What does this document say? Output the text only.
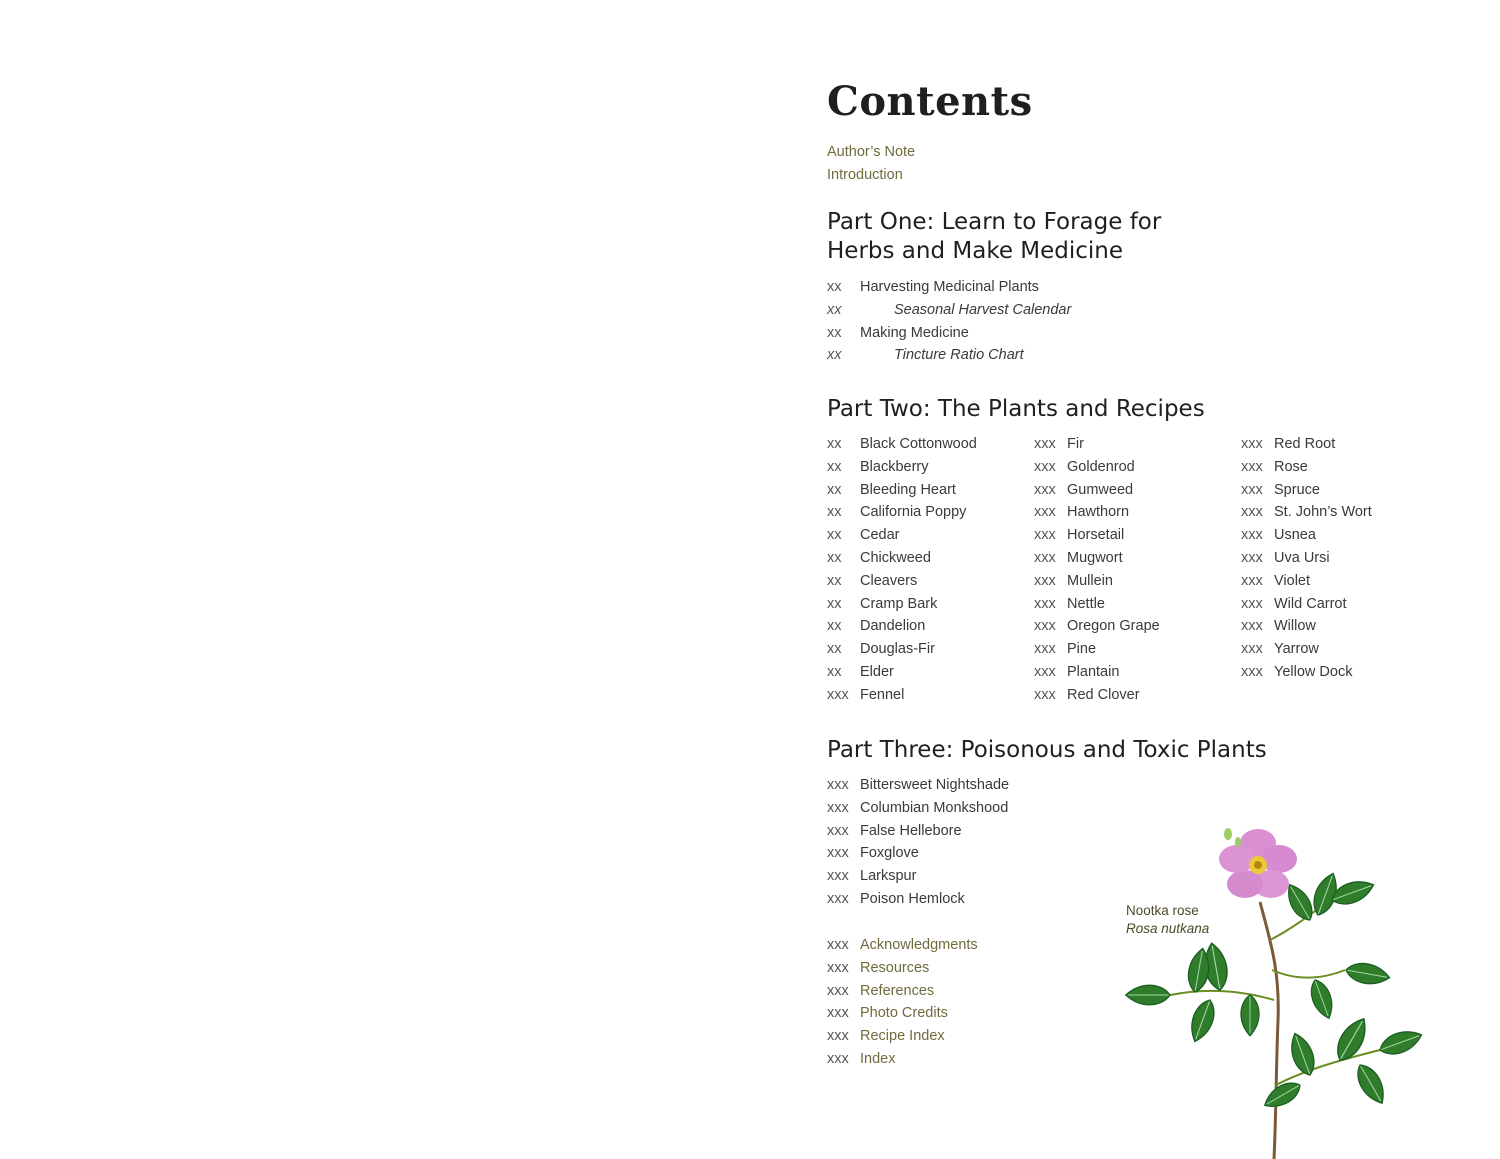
Contents
Author’s Note
Introduction
Part One: Learn to Forage for
Herbs and Make Medicine
xx Harvesting Medicinal Plants
xx	Seasonal Harvest Calendar
xx Making Medicine
xx	Tincture Ratio Chart
Part Two: The Plants and Recipes
xx Black Cottonwood
xx Blackberry
xx Bleeding Heart
xx California Poppy
xx Cedar
xx Chickweed
xx Cleavers
xx Cramp Bark
xx Dandelion
xx Douglas-Fir
xx Elder
xxx Fennel
xxx Fir
xxx Goldenrod
xxx Gumweed
xxx Hawthorn
xxx Horsetail
xxx Mugwort
xxx Mullein
xxx Nettle
xxx Oregon Grape
xxx Pine
xxx Plantain
xxx Red Clover
xxx Red Root
xxx Rose
xxx Spruce
xxx St. John’s Wort
xxx Usnea
xxx Uva Ursi
xxx Violet
xxx Wild Carrot
xxx Willow
xxx Yarrow
xxx Yellow Dock
Part Three: Poisonous and Toxic Plants
xxx Bittersweet Nightshade
xxx Columbian Monkshood
xxx False Hellebore
xxx Foxglove
xxx Larkspur
xxx Poison Hemlock
xxx Acknowledgments
xxx Resources
xxx References
xxx Photo Credits
xxx Recipe Index
xxx Index
Nootka rose
Rosa nutkana
